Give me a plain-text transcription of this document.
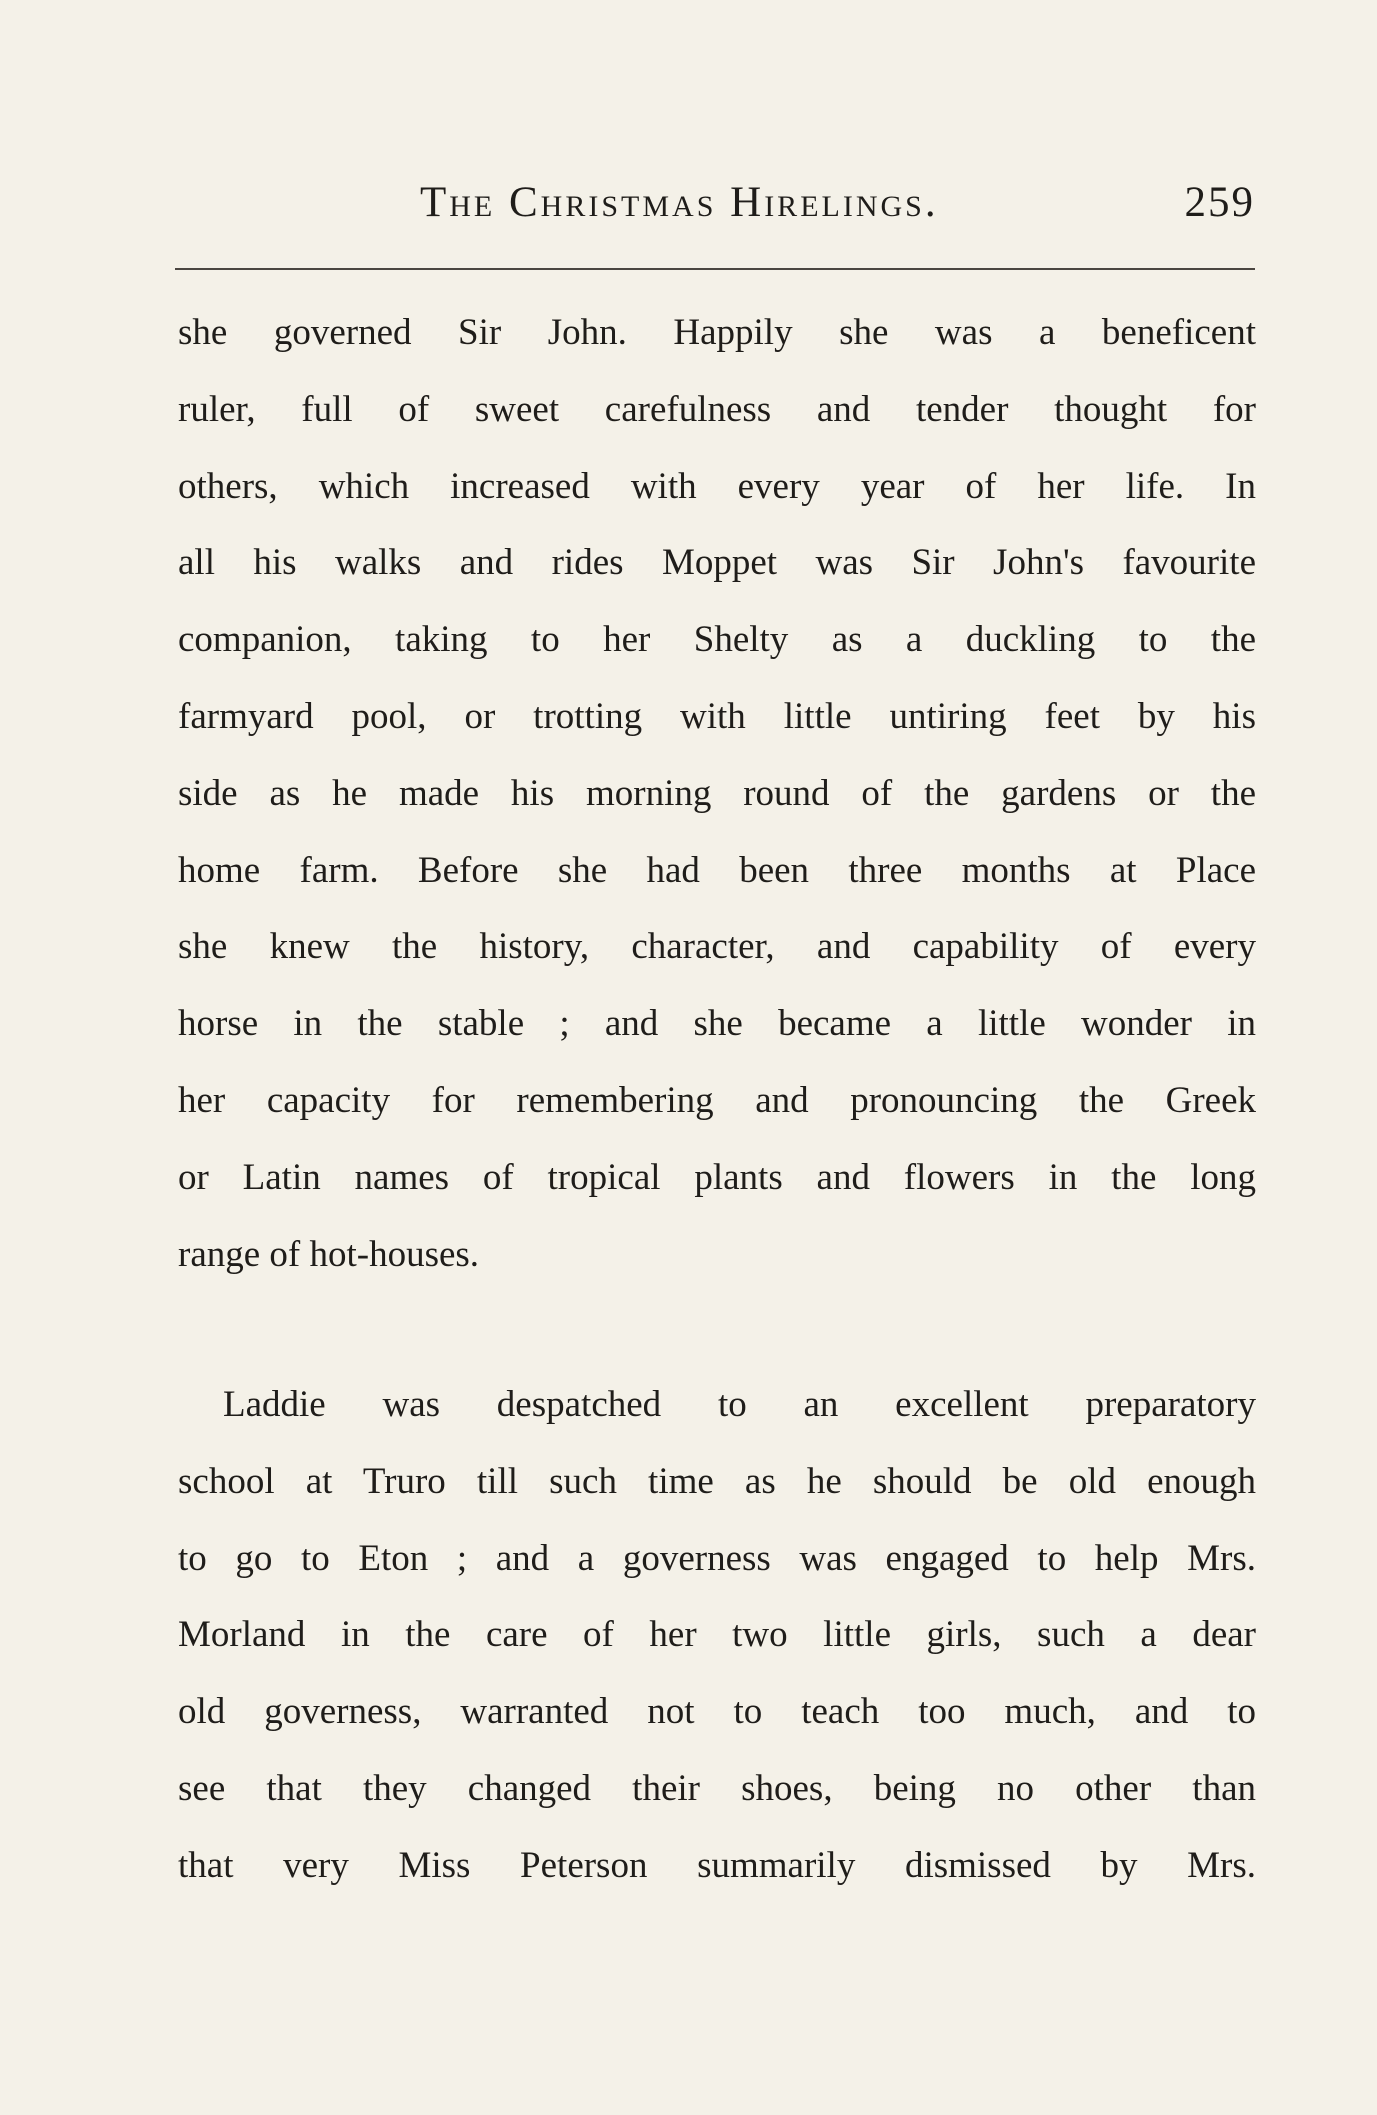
The Christmas Hirelings.	259
she governed Sir John. Happily she was a beneficent
ruler, full of sweet carefulness and tender thought for
others, which increased with every year of her life. In
all his walks and rides Moppet was Sir John's favourite
companion, taking to her Shelty as a duckling to the
farmyard pool, or trotting with little untiring feet by his
side as he made his morning round of the gardens or the
home farm. Before she had been three months at Place
she knew the history, character, and capability of every
horse in the stable ; and she became a little wonder in
her capacity for remembering and pronouncing the Greek
or Latin names of tropical plants and flowers in the long
range of hot-houses.
Laddie was despatched to an excellent preparatory
school at Truro till such time as he should be old enough
to go to Eton ; and a governess was engaged to help Mrs.
Morland in the care of her two little girls, such a dear
old governess, warranted not to teach too much, and to
see that they changed their shoes, being no other than
that very Miss Peterson summarily dismissed by Mrs.
